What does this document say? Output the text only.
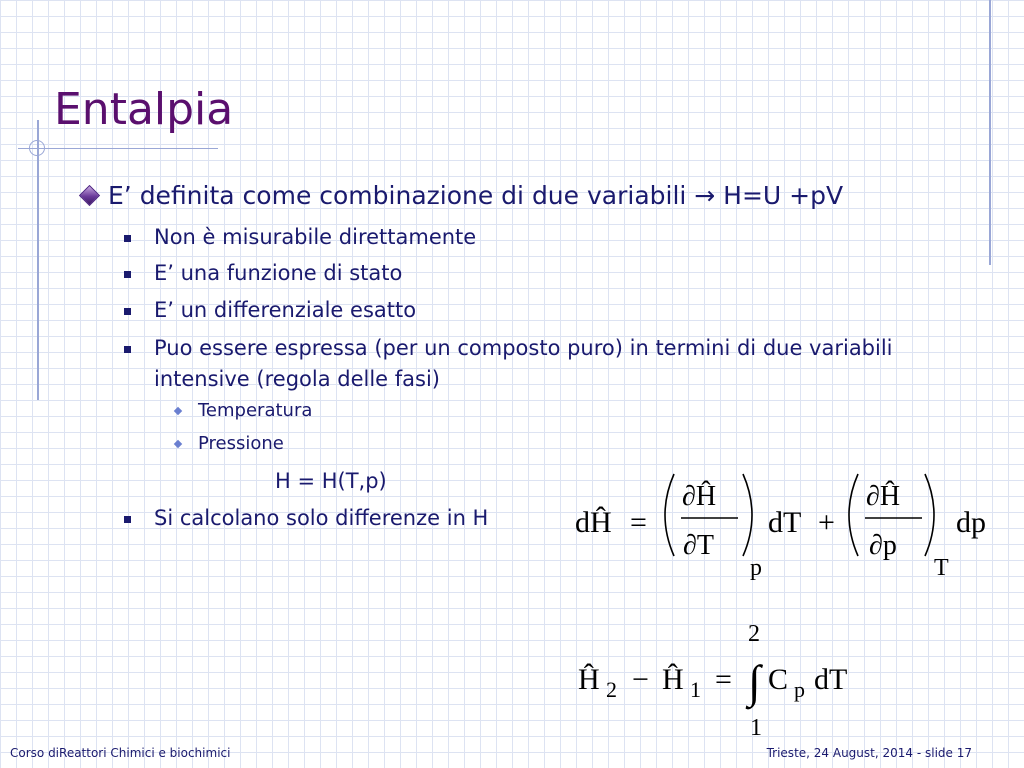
Entalpia
E’ definita come combinazione di due variabili → H=U +pV
Non è misurabile direttamente
E’ una funzione di stato
E’ un differenziale esatto
Puo essere espressa (per un composto puro) in termini di due variabili intensive (regola delle fasi)
Temperatura
Pressione
H = H(T,p)
Si calcolano solo differenze in H	dĤ =
∂Ĥ
∂T
p
dT +
∂Ĥ
∂p
T
dp
Ĥ 2 − Ĥ 1 =
2
∫
1
C p dT
Corso diReattori Chimici e biochimici	Trieste, 24 August, 2014 - slide 17
